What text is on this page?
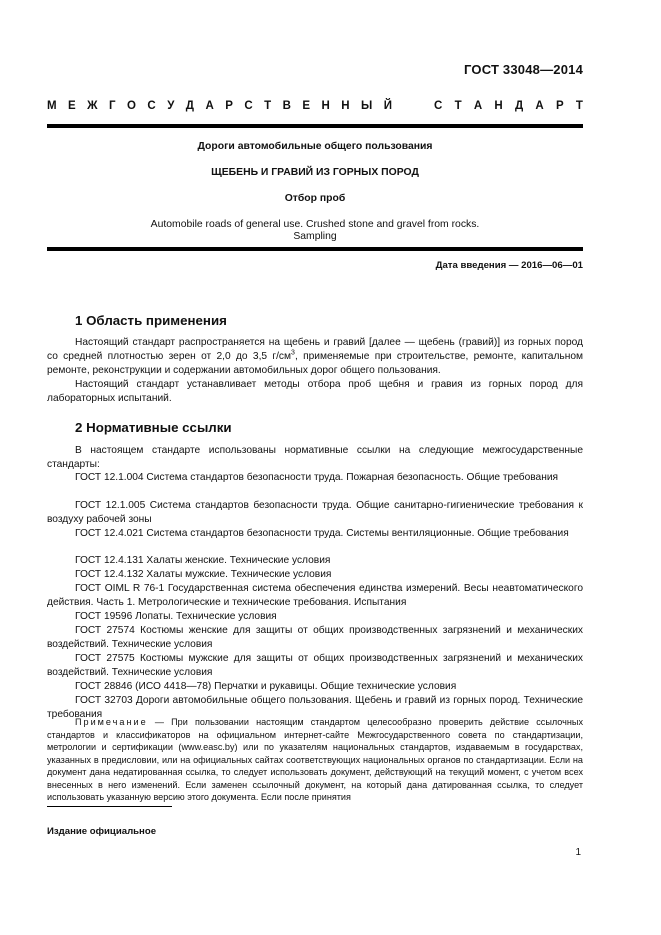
ГОСТ 33048—2014
М Е Ж Г О С У Д А Р С Т В Е Н Н Ы Й	С Т А Н Д А Р Т
Дороги автомобильные общего пользования
ЩЕБЕНЬ И ГРАВИЙ ИЗ ГОРНЫХ ПОРОД
Отбор проб
Automobile roads of general use. Crushed stone and gravel from rocks.
Sampling
Дата введения — 2016—06—01
1 Область применения

Настоящий стандарт распространяется на щебень и гравий [далее — щебень (гравий)] из горных пород со средней плотностью зерен от 2,0 до 3,5 $г/см^3$, применяемые при строительстве, ремонте, капитальном ремонте, реконструкции и содержании автомобильных дорог общего пользования.

Настоящий стандарт устанавливает методы отбора проб щебня и гравия из горных пород для лабораторных испытаний.

2 Нормативные ссылки

В настоящем стандарте использованы нормативные ссылки на следующие межгосударственные стандарты:

ГОСТ 12.1.004 Система стандартов безопасности труда. Пожарная безопасность. Общие требования

ГОСТ 12.1.005 Система стандартов безопасности труда. Общие санитарно-гигиенические требования к воздуху рабочей зоны

ГОСТ 12.4.021 Система стандартов безопасности труда. Системы вентиляционные. Общие требования

ГОСТ 12.4.131 Халаты женские. Технические условия

ГОСТ 12.4.132 Халаты мужские. Технические условия

ГОСТ OIML R 76-1 Государственная система обеспечения единства измерений. Весы неавтоматического действия. Часть 1. Метрологические и технические требования. Испытания

ГОСТ 19596 Лопаты. Технические условия

ГОСТ 27574 Костюмы женские для защиты от общих производственных загрязнений и механических воздействий. Технические условия

ГОСТ 27575 Костюмы мужские для защиты от общих производственных загрязнений и механических воздействий. Технические условия

ГОСТ 28846 (ИСО 4418—78) Перчатки и рукавицы. Общие технические условия

ГОСТ 32703 Дороги автомобильные общего пользования. Щебень и гравий из горных пород. Технические требования

Примечание — При пользовании настоящим стандартом целесообразно проверить действие ссылочных стандартов и классификаторов на официальном интернет-сайте Межгосударственного совета по стандартизации, метрологии и сертификации (www.easc.by) или по указателям национальных стандартов, издаваемым в государствах, указанных в предисловии, или на официальных сайтах соответствующих национальных органов по стандартизации. Если на документ дана недатированная ссылка, то следует использовать документ, действующий на текущий момент, с учетом всех внесенных в него изменений. Если заменен ссылочный документ, на который дана датированная ссылка, то следует использовать указанную версию этого документа. Если после принятия

Издание официальное
1
